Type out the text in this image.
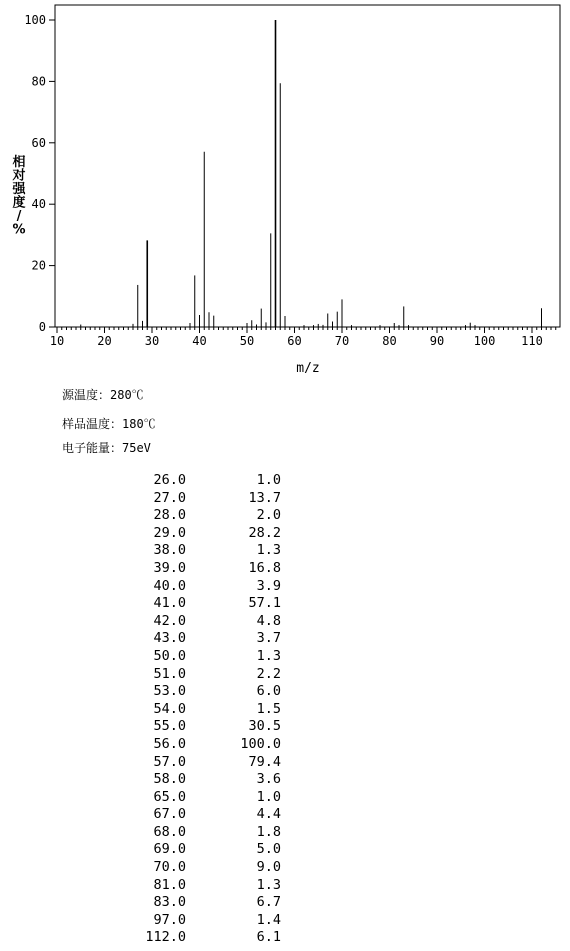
10	20	30	40	50	60	70	80	90 100 110
0
20
40
60
80
100
m/z
相
对
强
度
/
%
源温度：280℃
样品温度：180℃
电子能量：75eV
26.0	1.0
27.0	13.7
28.0	2.0
29.0	28.2
38.0	1.3
39.0	16.8
40.0	3.9
41.0	57.1
42.0	4.8
43.0	3.7
50.0	1.3
51.0	2.2
53.0	6.0
54.0	1.5
55.0	30.5
56.0	100.0
57.0	79.4
58.0	3.6
65.0	1.0
67.0	4.4
68.0	1.8
69.0	5.0
70.0	9.0
81.0	1.3
83.0	6.7
97.0	1.4
112.0	6.1
